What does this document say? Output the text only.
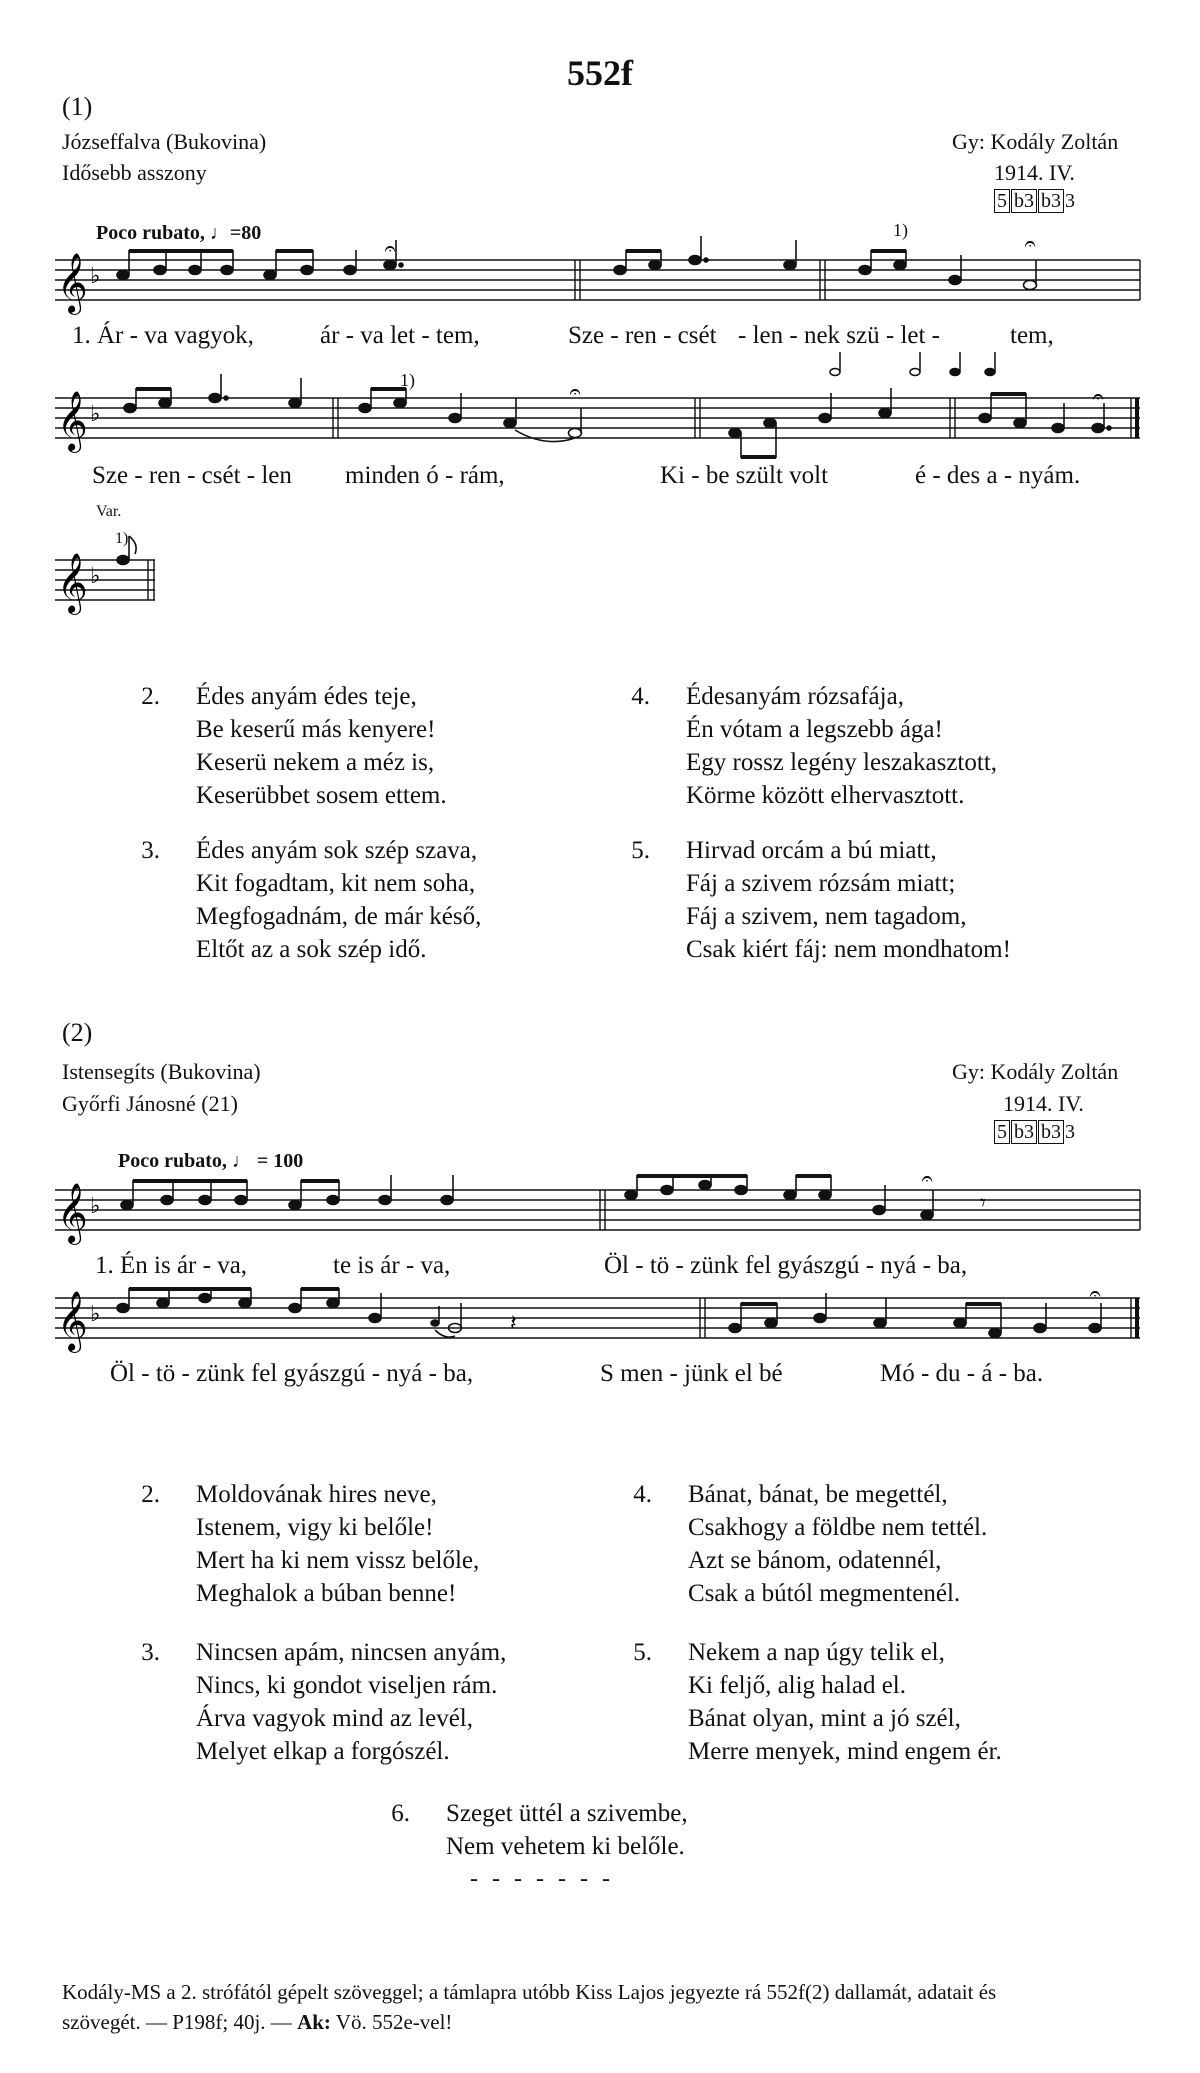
552f
(1)
Józseffalva (Bukovina)
Idősebb asszony
Gy: Kodály Zoltán
1914. IV.
5 b3 b3 3
Poco rubato, ♩=80	1)
𝄞 ♭
𝄐	𝄐
1. Ár - va vagyok,	ár - va let - tem,	Sze - ren - csét - len - nek szü - let -	tem,
1)
𝄞 ♭
𝄐	𝄐
Sze - ren - csét - len minden ó - rám,	Ki - be szült volt	é - des a - nyám.
Var.
1)
𝄞 ♭
2. Édes anyám édes teje,
Be keserű más kenyere!
Keserü nekem a méz is,
Keserübbet sosem ettem.
3. Édes anyám sok szép szava,
Kit fogadtam, kit nem soha,
Megfogadnám, de már késő,
Eltőt az a sok szép idő.
4. Édesanyám rózsafája,
Én vótam a legszebb ága!
Egy rossz legény leszakasztott,
Körme között elhervasztott.
5. Hirvad orcám a bú miatt,
Fáj a szivem rózsám miatt;
Fáj a szivem, nem tagadom,
Csak kiért fáj: nem mondhatom!
(2)
Istensegíts (Bukovina)
Győrfi Jánosné (21)
Gy: Kodály Zoltán
1914. IV.
5 b3 b3 3
Poco rubato, ♩ = 100
𝄞 ♭
𝄐
𝄾
1. Én is ár - va,	te is ár - va,	Öl - tö - zünk fel gyászgú - nyá - ba,
𝄞 ♭	𝄽
𝄐
Öl - tö - zünk fel gyászgú - nyá - ba,	S men - jünk el bé	Mó - du - á - ba.
2. Moldovának hires neve,
Istenem, vigy ki belőle!
Mert ha ki nem vissz belőle,
Meghalok a búban benne!
3. Nincsen apám, nincsen anyám,
Nincs, ki gondot viseljen rám.
Árva vagyok mind az levél,
Melyet elkap a forgószél.
4. Bánat, bánat, be megettél,
Csakhogy a földbe nem tettél.
Azt se bánom, odatennél,
Csak a bútól megmentenél.
5. Nekem a nap úgy telik el,
Ki feljő, alig halad el.
Bánat olyan, mint a jó szél,
Merre menyek, mind engem ér.
6. Szeget üttél a szivembe,
Nem vehetem ki belőle.
- - - - - - -
Kodály-MS a 2. strófától gépelt szöveggel; a támlapra utóbb Kiss Lajos jegyezte rá 552f(2) dallamát, adatait és
szövegét. — P198f; 40j. — Ak: Vö. 552e-vel!
